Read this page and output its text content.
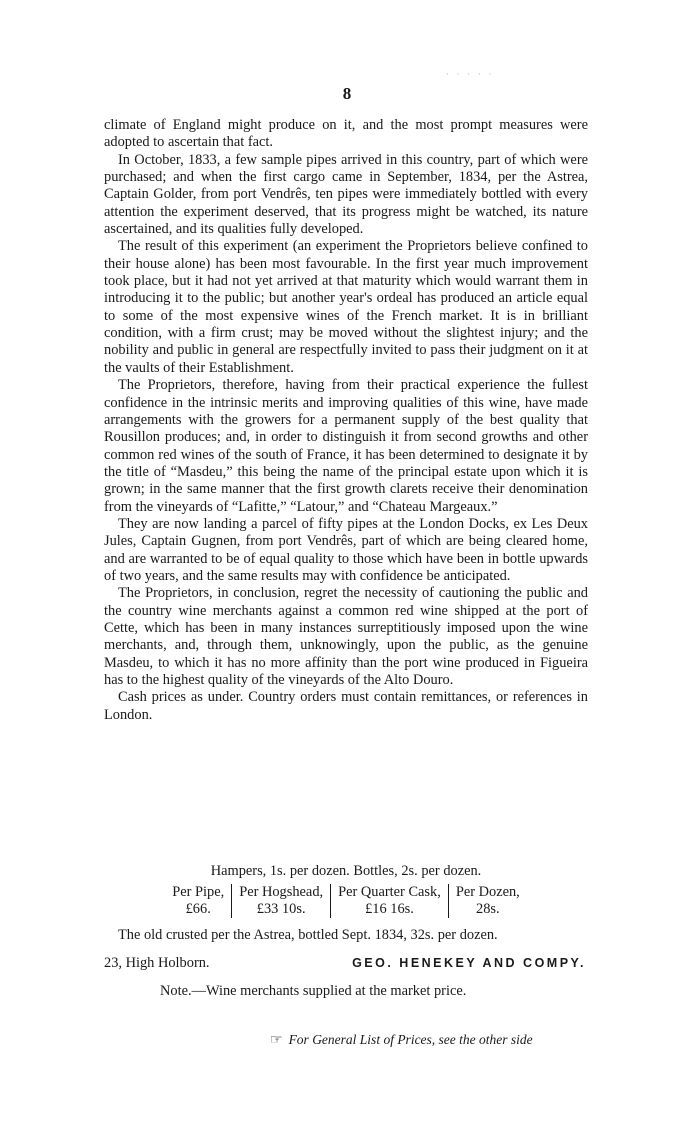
· · · · ·
8

climate of England might produce on it, and the most prompt measures were adopted to ascertain that fact.

In October, 1833, a few sample pipes arrived in this country, part of which were purchased; and when the first cargo came in September, 1834, per the Astrea, Captain Golder, from port Vendrês, ten pipes were immediately bottled with every attention the experiment deserved, that its progress might be watched, its nature ascertained, and its qualities fully developed.

The result of this experiment (an experiment the Proprietors believe confined to their house alone) has been most favourable. In the first year much improvement took place, but it had not yet arrived at that maturity which would warrant them in introducing it to the public; but another year's ordeal has produced an article equal to some of the most expensive wines of the French market. It is in brilliant condition, with a firm crust; may be moved without the slightest injury; and the nobility and public in general are respectfully invited to pass their judgment on it at the vaults of their Establishment.

The Proprietors, therefore, having from their practical experience the fullest confidence in the intrinsic merits and improving qualities of this wine, have made arrangements with the growers for a permanent supply of the best quality that Rousillon produces; and, in order to distinguish it from second growths and other common red wines of the south of France, it has been determined to designate it by the title of “Masdeu,” this being the name of the principal estate upon which it is grown; in the same manner that the first growth clarets receive their denomination from the vineyards of “Lafitte,” “Latour,” and “Chateau Margeaux.”

They are now landing a parcel of fifty pipes at the London Docks, ex Les Deux Jules, Captain Gugnen, from port Vendrês, part of which are being cleared home, and are warranted to be of equal quality to those which have been in bottle upwards of two years, and the same results may with confidence be anticipated.

The Proprietors, in conclusion, regret the necessity of cautioning the public and the country wine merchants against a common red wine shipped at the port of Cette, which has been in many instances surreptitiously imposed upon the wine merchants, and, through them, unknowingly, upon the public, as the genuine Masdeu, to which it has no more affinity than the port wine produced in Figueira has to the highest quality of the vineyards of the Alto Douro.

Cash prices as under. Country orders must contain remittances, or references in London.

Hampers, 1s. per dozen. Bottles, 2s. per dozen.
Per Pipe,
£66.
Per Hogshead,
£33 10s.
Per Quarter Cask,
£16 16s.
Per Dozen,
28s.
The old crusted per the Astrea, bottled Sept. 1834, 32s. per dozen.
23, High Holborn.	GEO. HENEKEY AND COMPY.
Note.—Wine merchants supplied at the market price.
☞ For General List of Prices, see the other side
